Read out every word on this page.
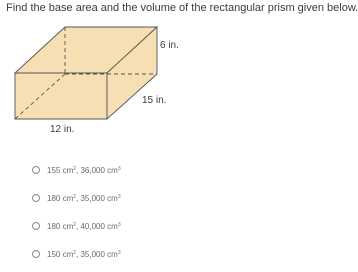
Find the base area and the volume of the rectangular prism given below.
6 in.
15 in.
12 in.
155 $cm^2$, 36,000 $cm^3$
180 $cm^2$, 35,000 $cm^3$
180 $cm^2$, 40,000 $cm^3$
150 $cm^2$, 35,000 $cm^3$
